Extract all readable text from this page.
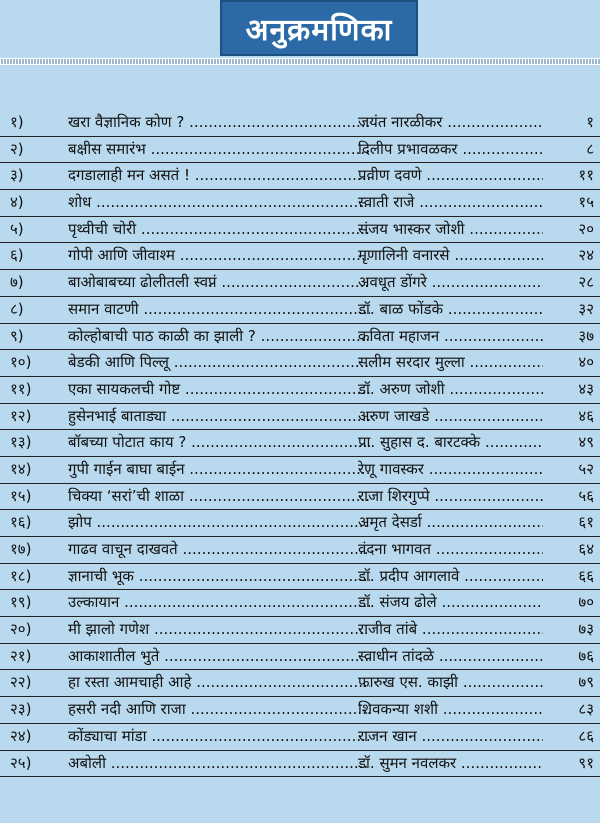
अनुक्रमणिका
१)	खरा वैज्ञानिक कोण ? .....	जयंत नारळीकर .....	१
२)	बक्षीस समारंभ .....	दिलीप प्रभावळकर .....	८
३)	दगडालाही मन असतं ! .....	प्रवीण दवणे .....	११
४)	शोध .....	स्वाती राजे .....	१५
५)	पृथ्वीची चोरी .....	संजय भास्कर जोशी .....	२०
६)	गोपी आणि जीवाश्म .....	मृणालिनी वनारसे .....	२४
७)	बाओबाबच्या ढोलीतली स्वप्नं .....	अवधूत डोंगरे .....	२८
८)	समान वाटणी .....	डॉ. बाळ फोंडके .....	३२
९)	कोल्होबाची पाठ काळी का झाली ? .....	कविता महाजन .....	३७
१०)	बेडकी आणि पिल्लू .....	सलीम सरदार मुल्ला .....	४०
११)	एका सायकलची गोष्ट .....	डॉ. अरुण जोशी .....	४३
१२)	हुसेनभाई बाताड्या .....	अरुण जाखडे .....	४६
१३)	बॉबच्या पोटात काय ? .....	प्रा. सुहास द. बारटक्के .....	४९
१४)	गुपी गाईन बाघा बाईन .....	रेणू गावस्कर .....	५२
१५)	चिक्या ‘सरां’ची शाळा .....	राजा शिरगुप्पे .....	५६
१६)	झोप .....	अमृत देसर्डा .....	६१
१७)	गाढव वाचून दाखवते .....	वंदना भागवत .....	६४
१८)	ज्ञानाची भूक .....	डॉ. प्रदीप आगलावे .....	६६
१९)	उल्कायान .....	डॉ. संजय ढोले .....	७०
२०)	मी झालो गणेश .....	राजीव तांबे .....	७३
२१)	आकाशातील भुते .....	स्वाधीन तांदळे .....	७६
२२)	हा रस्ता आमचाही आहे .....	फारुख एस. काझी .....	७९
२३)	हसरी नदी आणि राजा .....	शिवकन्या शशी .....	८३
२४)	कोंड्याचा मांडा .....	राजन खान .....	८६
२५)	अबोली .....	डॉ. सुमन नवलकर .....	९१
